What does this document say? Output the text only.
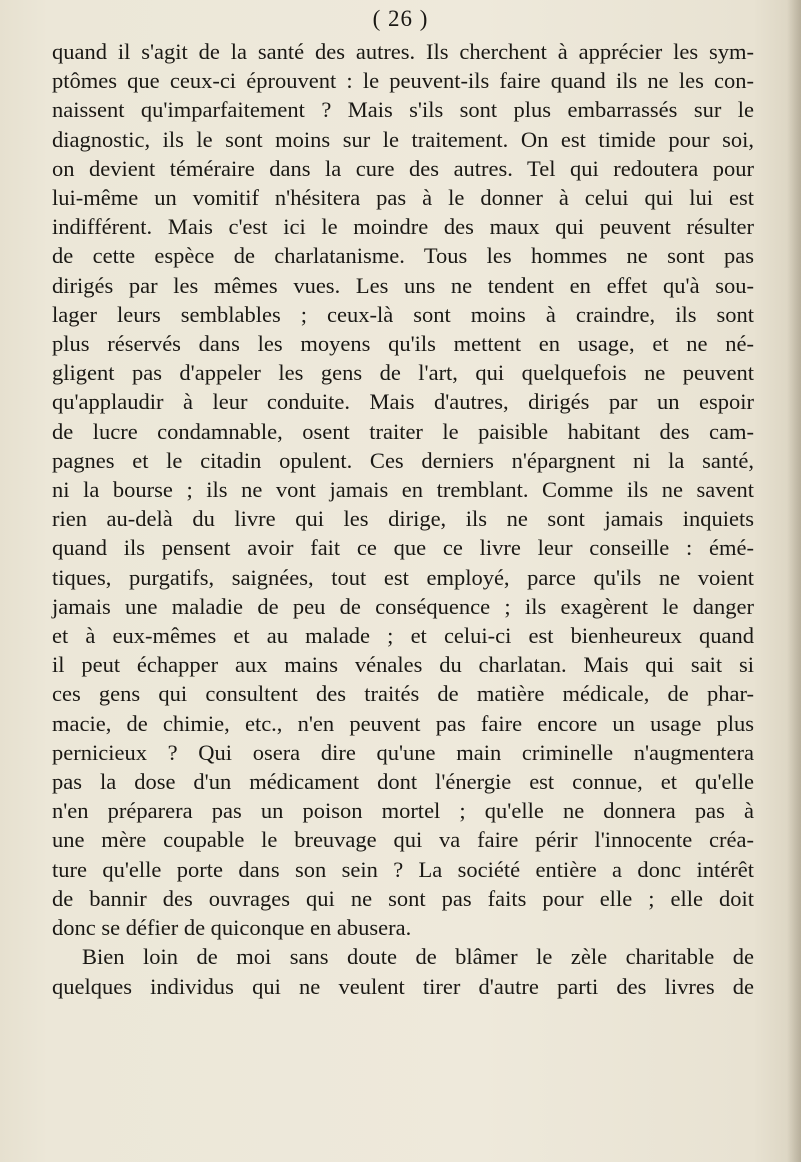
( 26 )
quand il s'agit de la santé des autres. Ils cherchent à apprécier les sym-
ptômes que ceux-ci éprouvent : le peuvent-ils faire quand ils ne les con-
naissent qu'imparfaitement ? Mais s'ils sont plus embarrassés sur le
diagnostic, ils le sont moins sur le traitement. On est timide pour soi,
on devient téméraire dans la cure des autres. Tel qui redoutera pour
lui-même un vomitif n'hésitera pas à le donner à celui qui lui est
indifférent. Mais c'est ici le moindre des maux qui peuvent résulter
de cette espèce de charlatanisme. Tous les hommes ne sont pas
dirigés par les mêmes vues. Les uns ne tendent en effet qu'à sou-
lager leurs semblables ; ceux-là sont moins à craindre, ils sont
plus réservés dans les moyens qu'ils mettent en usage, et ne né-
gligent pas d'appeler les gens de l'art, qui quelquefois ne peuvent
qu'applaudir à leur conduite. Mais d'autres, dirigés par un espoir
de lucre condamnable, osent traiter le paisible habitant des cam-
pagnes et le citadin opulent. Ces derniers n'épargnent ni la santé,
ni la bourse ; ils ne vont jamais en tremblant. Comme ils ne savent
rien au-delà du livre qui les dirige, ils ne sont jamais inquiets
quand ils pensent avoir fait ce que ce livre leur conseille : émé-
tiques, purgatifs, saignées, tout est employé, parce qu'ils ne voient
jamais une maladie de peu de conséquence ; ils exagèrent le danger
et à eux-mêmes et au malade ; et celui-ci est bienheureux quand
il peut échapper aux mains vénales du charlatan. Mais qui sait si
ces gens qui consultent des traités de matière médicale, de phar-
macie, de chimie, etc., n'en peuvent pas faire encore un usage plus
pernicieux ? Qui osera dire qu'une main criminelle n'augmentera
pas la dose d'un médicament dont l'énergie est connue, et qu'elle
n'en préparera pas un poison mortel ; qu'elle ne donnera pas à
une mère coupable le breuvage qui va faire périr l'innocente créa-
ture qu'elle porte dans son sein ? La société entière a donc intérêt
de bannir des ouvrages qui ne sont pas faits pour elle ; elle doit
donc se défier de quiconque en abusera.
Bien loin de moi sans doute de blâmer le zèle charitable de
quelques individus qui ne veulent tirer d'autre parti des livres de
